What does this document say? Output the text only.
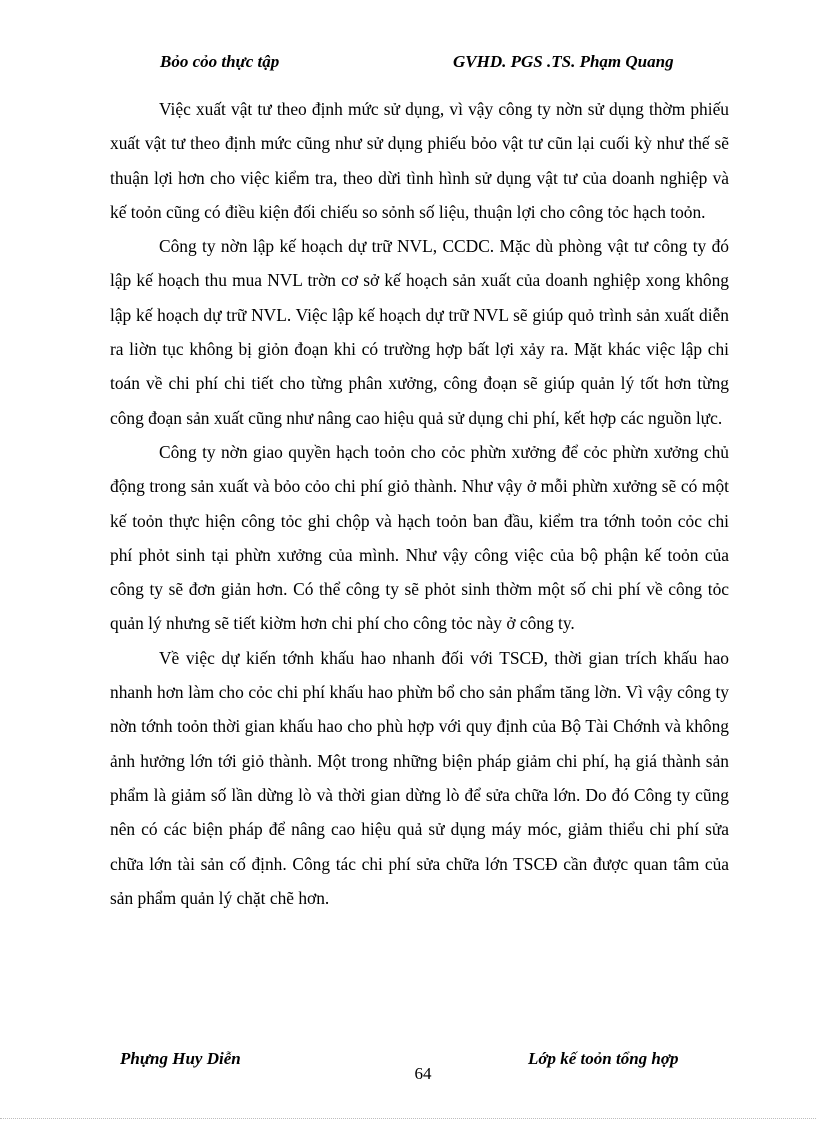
Bỏo cỏo thực tập	GVHD. PGS .TS. Phạm Quang

Việc xuất vật tư theo định mức sử dụng, vì vậy công ty nờn sử dụng thờm phiếu xuất vật tư theo định mức cũng như sử dụng phiếu bỏo vật tư cũn lại cuối kỳ như thế sẽ thuận lợi hơn cho việc kiểm tra, theo dừi tình hình sử dụng vật tư của doanh nghiệp và kế toỏn cũng có điều kiện đối chiếu so sỏnh số liệu, thuận lợi cho công tỏc hạch toỏn.

Công ty nờn lập kế hoạch dự trữ NVL, CCDC. Mặc dù phòng vật tư công ty đó lập kế hoạch thu mua NVL trờn cơ sở kế hoạch sản xuất của doanh nghiệp xong không lập kế hoạch dự trữ NVL. Việc lập kế hoạch dự trữ NVL sẽ giúp quỏ trình sản xuất diễn ra liờn tục không bị giỏn đoạn khi có trường hợp bất lợi xảy ra. Mặt khác việc lập chi toán về chi phí chi tiết cho từng phân xưởng, công đoạn sẽ giúp quản lý tốt hơn từng công đoạn sản xuất cũng như nâng cao hiệu quả sử dụng chi phí, kết hợp các nguồn lực.

Công ty nờn giao quyền hạch toỏn cho cỏc phừn xưởng để cỏc phừn xưởng chủ động trong sản xuất và bỏo cỏo chi phí giỏ thành. Như vậy ở mỗi phừn xưởng sẽ có một kế toỏn thực hiện công tỏc ghi chộp và hạch toỏn ban đầu, kiểm tra tớnh toỏn cỏc chi phí phỏt sinh tại phừn xưởng của mình. Như vậy công việc của bộ phận kế toỏn của công ty sẽ đơn giản hơn. Có thể công ty sẽ phỏt sinh thờm một số chi phí về công tỏc quản lý nhưng sẽ tiết kiờm hơn chi phí cho công tỏc này ở công ty.

Về việc dự kiến tớnh khấu hao nhanh đối với TSCĐ, thời gian trích khấu hao nhanh hơn làm cho cỏc chi phí khấu hao phừn bổ cho sản phẩm tăng lờn. Vì vậy công ty nờn tớnh toỏn thời gian khấu hao cho phù hợp với quy định của Bộ Tài Chớnh và không ảnh hưởng lớn tới giỏ thành. Một trong những biện pháp giảm chi phí, hạ giá thành sản phẩm là giảm số lần dừng lò và thời gian dừng lò để sửa chữa lớn. Do đó Công ty cũng nên có các biện pháp để nâng cao hiệu quả sử dụng máy móc, giảm thiểu chi phí sửa chữa lớn tài sản cố định. Công tác chi phí sửa chữa lớn TSCĐ cần được quan tâm của sản phẩm quản lý chặt chẽ hơn.

Phựng Huy Diễn
64
Lớp kế toỏn tổng hợp
